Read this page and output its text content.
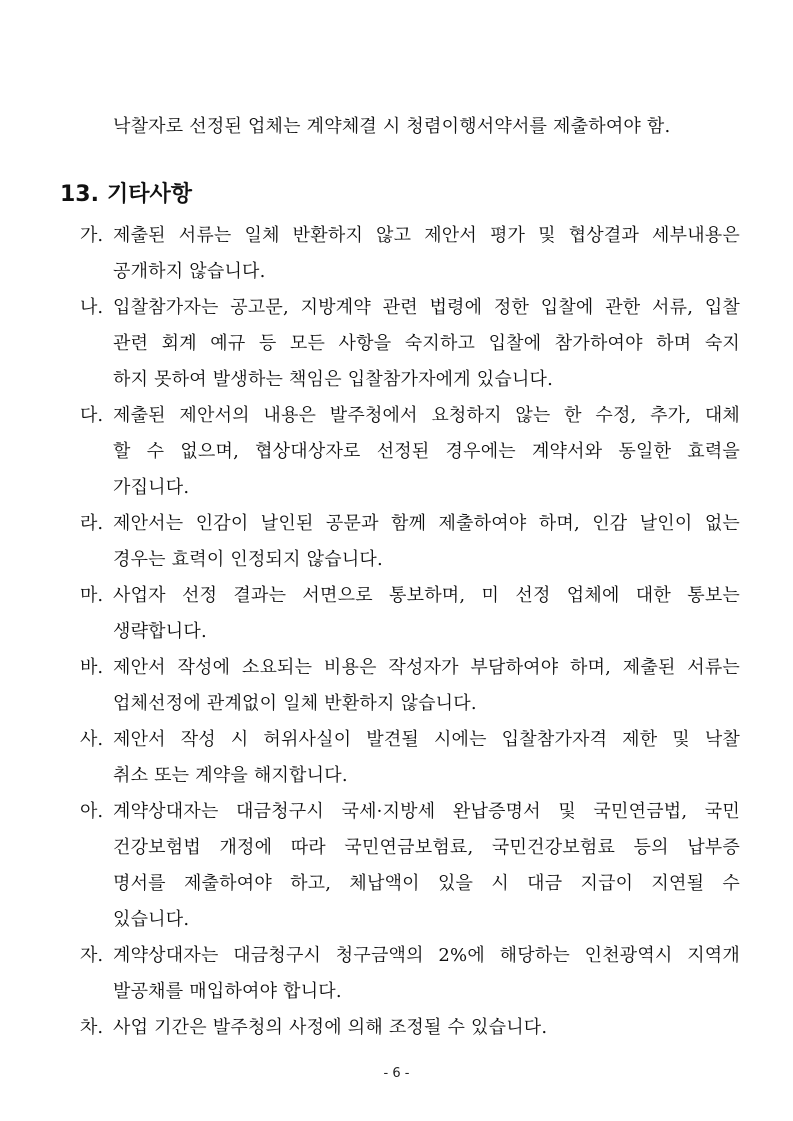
낙찰자로 선정된 업체는 계약체결 시 청렴이행서약서를 제출하여야 함.
13. 기타사항
가. 제출된 서류는 일체 반환하지 않고 제안서 평가 및 협상결과 세부내용은
공개하지 않습니다.
나. 입찰참가자는 공고문, 지방계약 관련 법령에 정한 입찰에 관한 서류, 입찰
관련 회계 예규 등 모든 사항을 숙지하고 입찰에 참가하여야 하며 숙지
하지 못하여 발생하는 책임은 입찰참가자에게 있습니다.
다. 제출된 제안서의 내용은 발주청에서 요청하지 않는 한 수정, 추가, 대체
할 수 없으며, 협상대상자로 선정된 경우에는 계약서와 동일한 효력을
가집니다.
라. 제안서는 인감이 날인된 공문과 함께 제출하여야 하며, 인감 날인이 없는
경우는 효력이 인정되지 않습니다.
마. 사업자 선정 결과는 서면으로 통보하며, 미 선정 업체에 대한 통보는
생략합니다.
바. 제안서 작성에 소요되는 비용은 작성자가 부담하여야 하며, 제출된 서류는
업체선정에 관계없이 일체 반환하지 않습니다.
사. 제안서 작성 시 허위사실이 발견될 시에는 입찰참가자격 제한 및 낙찰
취소 또는 계약을 해지합니다.
아. 계약상대자는 대금청구시 국세·지방세 완납증명서 및 국민연금법, 국민
건강보험법 개정에 따라 국민연금보험료, 국민건강보험료 등의 납부증
명서를 제출하여야 하고, 체납액이 있을 시 대금 지급이 지연될 수
있습니다.
자. 계약상대자는 대금청구시 청구금액의 2%에 해당하는 인천광역시 지역개
발공채를 매입하여야 합니다.
차. 사업 기간은 발주청의 사정에 의해 조정될 수 있습니다.
- 6 -
